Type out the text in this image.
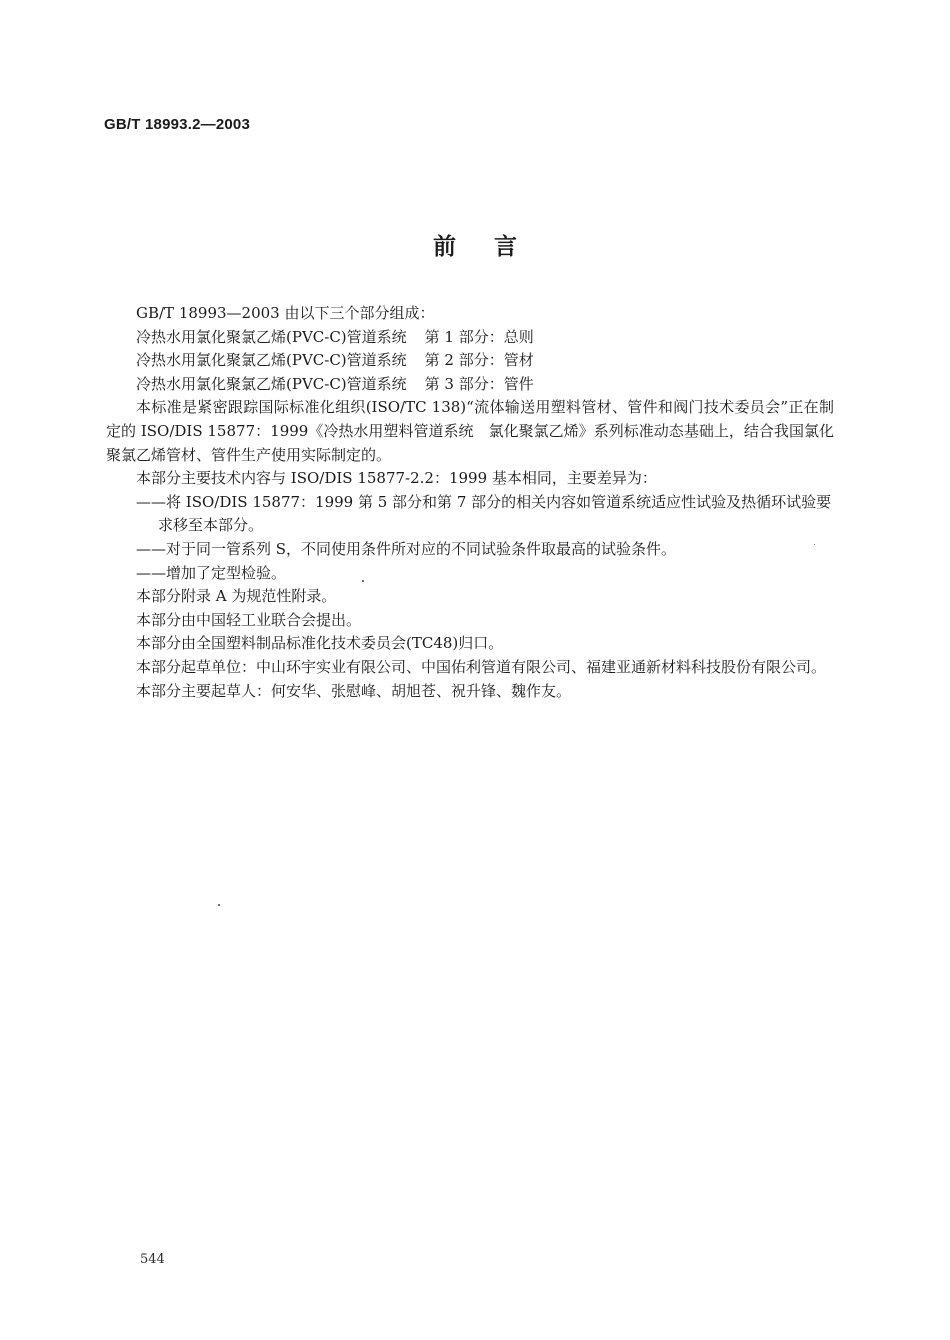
GB/T 18993.2—2003
前言

GB/T 18993—2003 由以下三个部分组成：

冷热水用氯化聚氯乙烯(PVC-C)管道系统 第 1 部分：总则
冷热水用氯化聚氯乙烯(PVC-C)管道系统 第 2 部分：管材
冷热水用氯化聚氯乙烯(PVC-C)管道系统 第 3 部分：管件

本标准是紧密跟踪国际标准化组织(ISO/TC 138)“流体输送用塑料管材、管件和阀门技术委员会”正在制定的 ISO/DIS 15877：1999《冷热水用塑料管道系统　氯化聚氯乙烯》系列标准动态基础上，结合我国氯化聚氯乙烯管材、管件生产使用实际制定的。

本部分主要技术内容与 ISO/DIS 15877-2.2：1999 基本相同，主要差异为：

——将 ISO/DIS 15877：1999 第 5 部分和第 7 部分的相关内容如管道系统适应性试验及热循环试验要求移至本部分。

——对于同一管系列 S，不同使用条件所对应的不同试验条件取最高的试验条件。

——增加了定型检验。

本部分附录 A 为规范性附录。

本部分由中国轻工业联合会提出。

本部分由全国塑料制品标准化技术委员会(TC48)归口。

本部分起草单位：中山环宇实业有限公司、中国佑利管道有限公司、福建亚通新材料科技股份有限公司。

本部分主要起草人：何安华、张慰峰、胡旭苍、祝升锋、魏作友。

544
